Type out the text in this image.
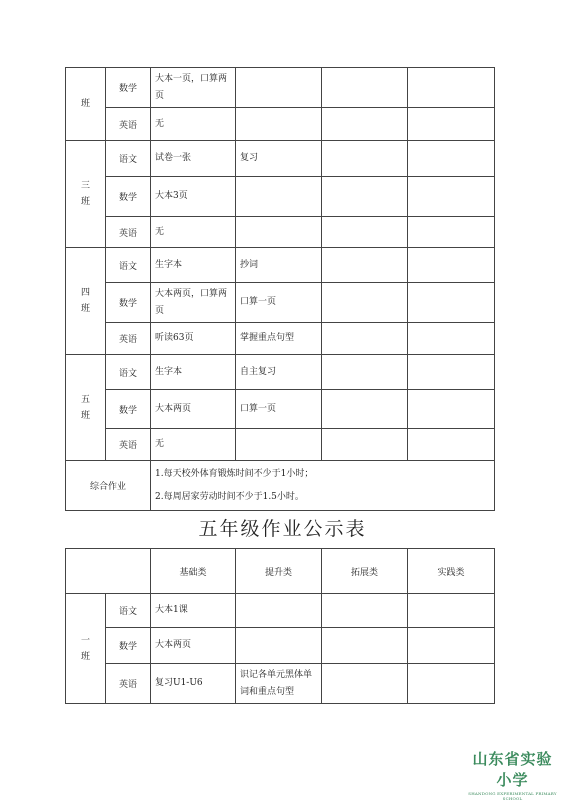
班	数学	大本一页，口算两页			
	英语	无			

三
班	语文	试卷一张	复习		
	数学	大本3页			
	英语	无			

四
班	语文	生字本	抄词		
	数学	大本两页，口算两页	口算一页		
	英语	听读63页	掌握重点句型		

五
班	语文	生字本	自主复习		
	数学	大本两页	口算一页		
	英语	无			
综合作业		1.每天校外体育锻炼时间不少于1小时；
2.每周居家劳动时间不少于1.5小时。			
五年级作业公示表
		基础类	提升类	拓展类	实践类

一
班	语文	大本1课			
	数学	大本两页			
	英语	复习U1-U6	识记各单元黑体单词和重点句型		
山东省实验小学
SHANDONG EXPERIMENTAL PRIMARY SCHOOL
